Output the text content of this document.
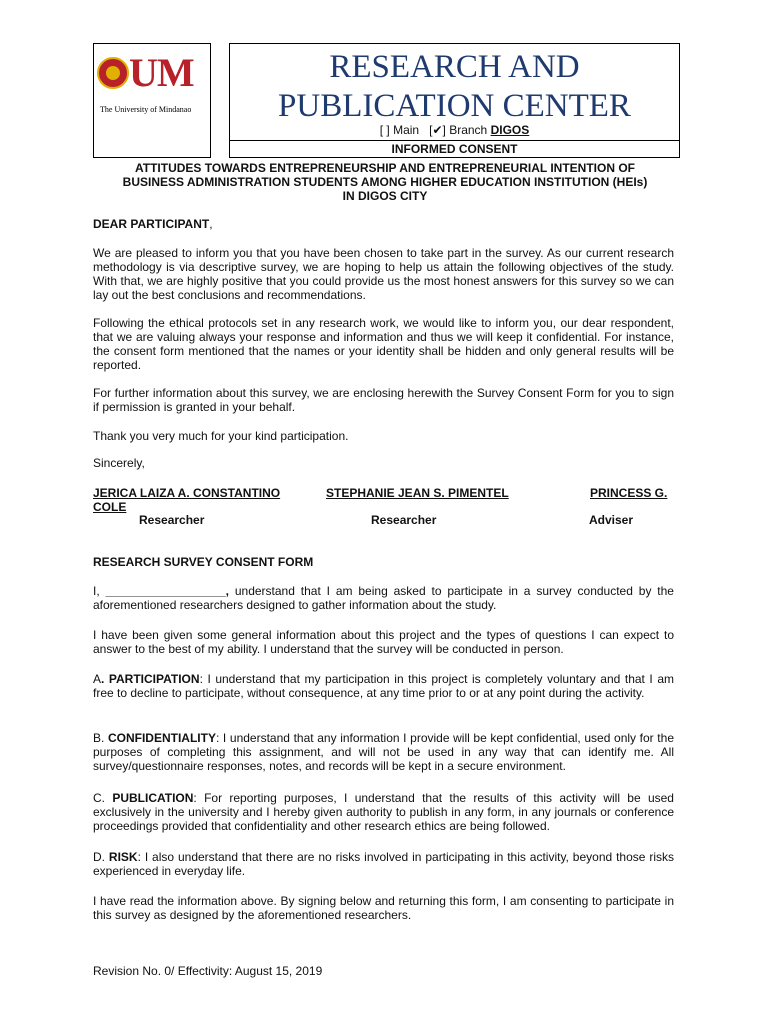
UM
The University of Mindanao
RESEARCH AND
PUBLICATION CENTER
[ ] Main [✔] Branch DIGOS
INFORMED CONSENT
ATTITUDES TOWARDS ENTREPRENEURSHIP AND ENTREPRENEURIAL INTENTION OF
BUSINESS ADMINISTRATION STUDENTS AMONG HIGHER EDUCATION INSTITUTION (HEIs)
IN DIGOS CITY
DEAR PARTICIPANT,
We are pleased to inform you that you have been chosen to take part in the survey. As our current research methodology is via descriptive survey, we are hoping to help us attain the following objectives of the study. With that, we are highly positive that you could provide us the most honest answers for this survey so we can lay out the best conclusions and recommendations.
Following the ethical protocols set in any research work, we would like to inform you, our dear respondent, that we are valuing always your response and information and thus we will keep it confidential. For instance, the consent form mentioned that the names or your identity shall be hidden and only general results will be reported.
For further information about this survey, we are enclosing herewith the Survey Consent Form for you to sign if permission is granted in your behalf.
Thank you very much for your kind participation.
Sincerely,
JERICA LAIZA A. CONSTANTINO	STEPHANIE JEAN S. PIMENTEL	PRINCESS G.
COLE
Researcher	Researcher	Adviser
RESEARCH SURVEY CONSENT FORM
I, __________________, understand that I am being asked to participate in a survey conducted by the aforementioned researchers designed to gather information about the study.
I have been given some general information about this project and the types of questions I can expect to answer to the best of my ability. I understand that the survey will be conducted in person.
A. PARTICIPATION: I understand that my participation in this project is completely voluntary and that I am free to decline to participate, without consequence, at any time prior to or at any point during the activity.
B. CONFIDENTIALITY: I understand that any information I provide will be kept confidential, used only for the purposes of completing this assignment, and will not be used in any way that can identify me. All survey/questionnaire responses, notes, and records will be kept in a secure environment.
C. PUBLICATION: For reporting purposes, I understand that the results of this activity will be used exclusively in the university and I hereby given authority to publish in any form, in any journals or conference proceedings provided that confidentiality and other research ethics are being followed.
D. RISK: I also understand that there are no risks involved in participating in this activity, beyond those risks experienced in everyday life.
I have read the information above. By signing below and returning this form, I am consenting to participate in this survey as designed by the aforementioned researchers.
Revision No. 0/ Effectivity: August 15, 2019
